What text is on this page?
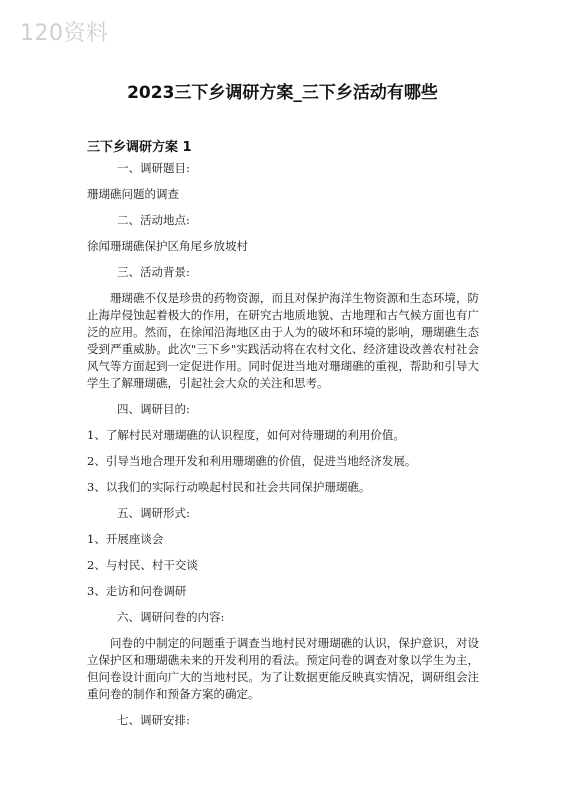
120资料
2023三下乡调研方案_三下乡活动有哪些
三下乡调研方案 1
一、调研题目:
珊瑚礁问题的调查
二、活动地点:
徐闻珊瑚礁保护区角尾乡放坡村
三、活动背景:
珊瑚礁不仅是珍贵的药物资源，而且对保护海洋生物资源和生态环境，防止海岸侵蚀起着极大的作用，在研究古地质地貌、古地理和古气候方面也有广泛的应用。然而，在徐闻沿海地区由于人为的破坏和环境的影响，珊瑚礁生态受到严重威胁。此次"三下乡"实践活动将在农村文化、经济建设改善农村社会风气等方面起到一定促进作用。同时促进当地对珊瑚礁的重视，帮助和引导大学生了解珊瑚礁，引起社会大众的关注和思考。
四、调研目的:
1、了解村民对珊瑚礁的认识程度，如何对待珊瑚的利用价值。
2、引导当地合理开发和利用珊瑚礁的价值，促进当地经济发展。
3、以我们的实际行动唤起村民和社会共同保护珊瑚礁。
五、调研形式:
1、开展座谈会
2、与村民、村干交谈
3、走访和问卷调研
六、调研问卷的内容:
问卷的中制定的问题重于调查当地村民对珊瑚礁的认识，保护意识，对设立保护区和珊瑚礁未来的开发利用的看法。预定问卷的调查对象以学生为主，但问卷设计面向广大的当地村民。为了让数据更能反映真实情况，调研组会注重问卷的制作和预备方案的确定。
七、调研安排:
